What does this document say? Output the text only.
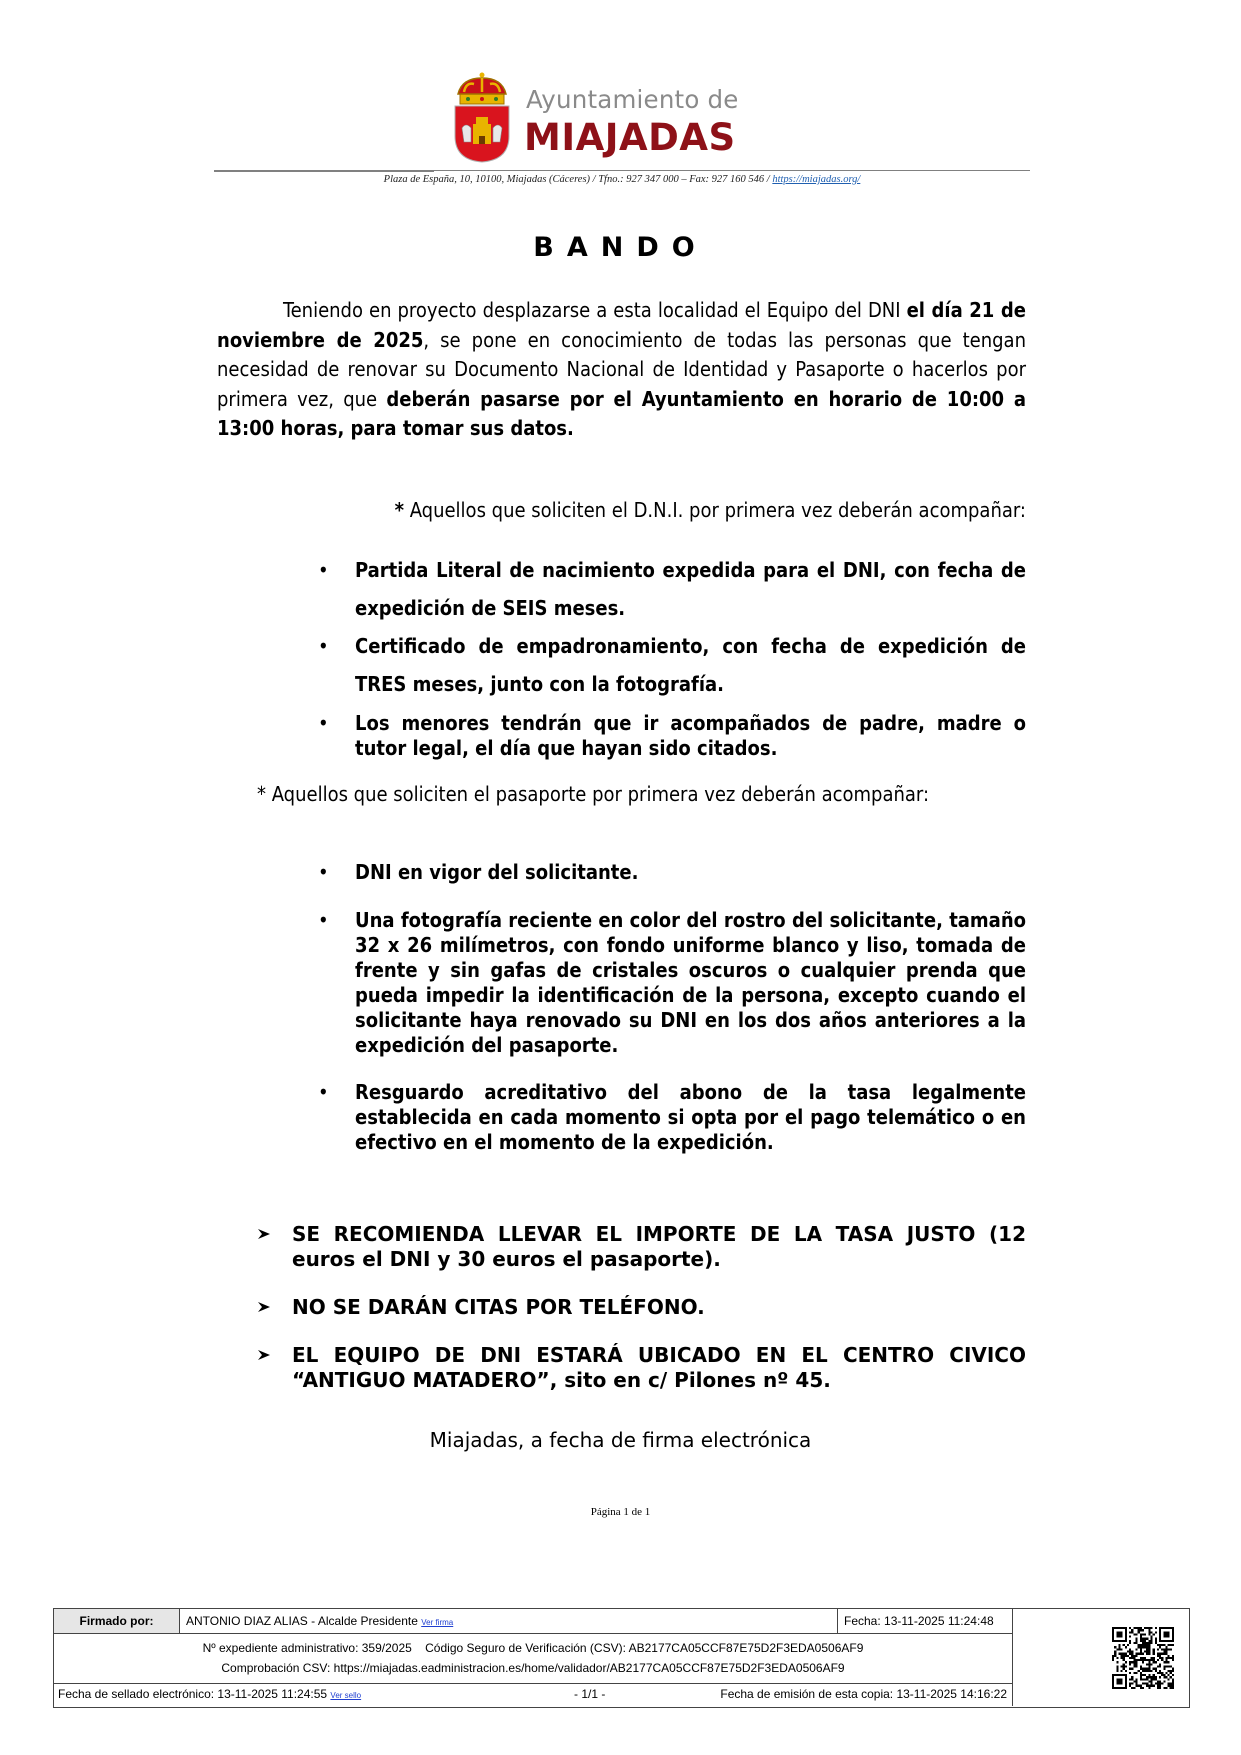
Ayuntamiento de
MIAJADAS
Plaza de España, 10, 10100, Miajadas (Cáceres) / Tfno.: 927 347 000 – Fax: 927 160 546 / https://miajadas.org/
BANDO
Teniendo en proyecto desplazarse a esta localidad el Equipo del DNI el día 21 de noviembre de 2025, se pone en conocimiento de todas las personas que tengan necesidad de renovar su Documento Nacional de Identidad y Pasaporte o hacerlos por primera vez, que deberán pasarse por el Ayuntamiento en horario de 10:00 a 13:00 horas, para tomar sus datos.
* Aquellos que soliciten el D.N.I. por primera vez deberán acompañar:
• Partida Literal de nacimiento expedida para el DNI, con fecha de expedición de SEIS meses.
• Certificado de empadronamiento, con fecha de expedición de TRES meses, junto con la fotografía.
• Los menores tendrán que ir acompañados de padre, madre o tutor legal, el día que hayan sido citados.
* Aquellos que soliciten el pasaporte por primera vez deberán acompañar:
• DNI en vigor del solicitante.
• Una fotografía reciente en color del rostro del solicitante, tamaño 32 x 26 milímetros, con fondo uniforme blanco y liso, tomada de frente y sin gafas de cristales oscuros o cualquier prenda que pueda impedir la identificación de la persona, excepto cuando el solicitante haya renovado su DNI en los dos años anteriores a la expedición del pasaporte.
• Resguardo acreditativo del abono de la tasa legalmente establecida en cada momento si opta por el pago telemático o en efectivo en el momento de la expedición.
SE RECOMIENDA LLEVAR EL IMPORTE DE LA TASA JUSTO (12 euros el DNI y 30 euros el pasaporte).
NO SE DARÁN CITAS POR TELÉFONO.
EL EQUIPO DE DNI ESTARÁ UBICADO EN EL CENTRO CIVICO “ANTIGUO MATADERO”, sito en c/ Pilones nº 45.
Miajadas, a fecha de firma electrónica
Página 1 de 1
Firmado por:	ANTONIO DIAZ ALIAS - Alcalde Presidente Ver firma	Fecha: 13-11-2025 11:24:48
Nº expediente administrativo: 359/2025 Código Seguro de Verificación (CSV): AB2177CA05CCF87E75D2F3EDA0506AF9
Comprobación CSV: https://miajadas.eadministracion.es/home/validador/AB2177CA05CCF87E75D2F3EDA0506AF9
Fecha de sellado electrónico: 13-11-2025 11:24:55 Ver sello	- 1/1 -	Fecha de emisión de esta copia: 13-11-2025 14:16:22
